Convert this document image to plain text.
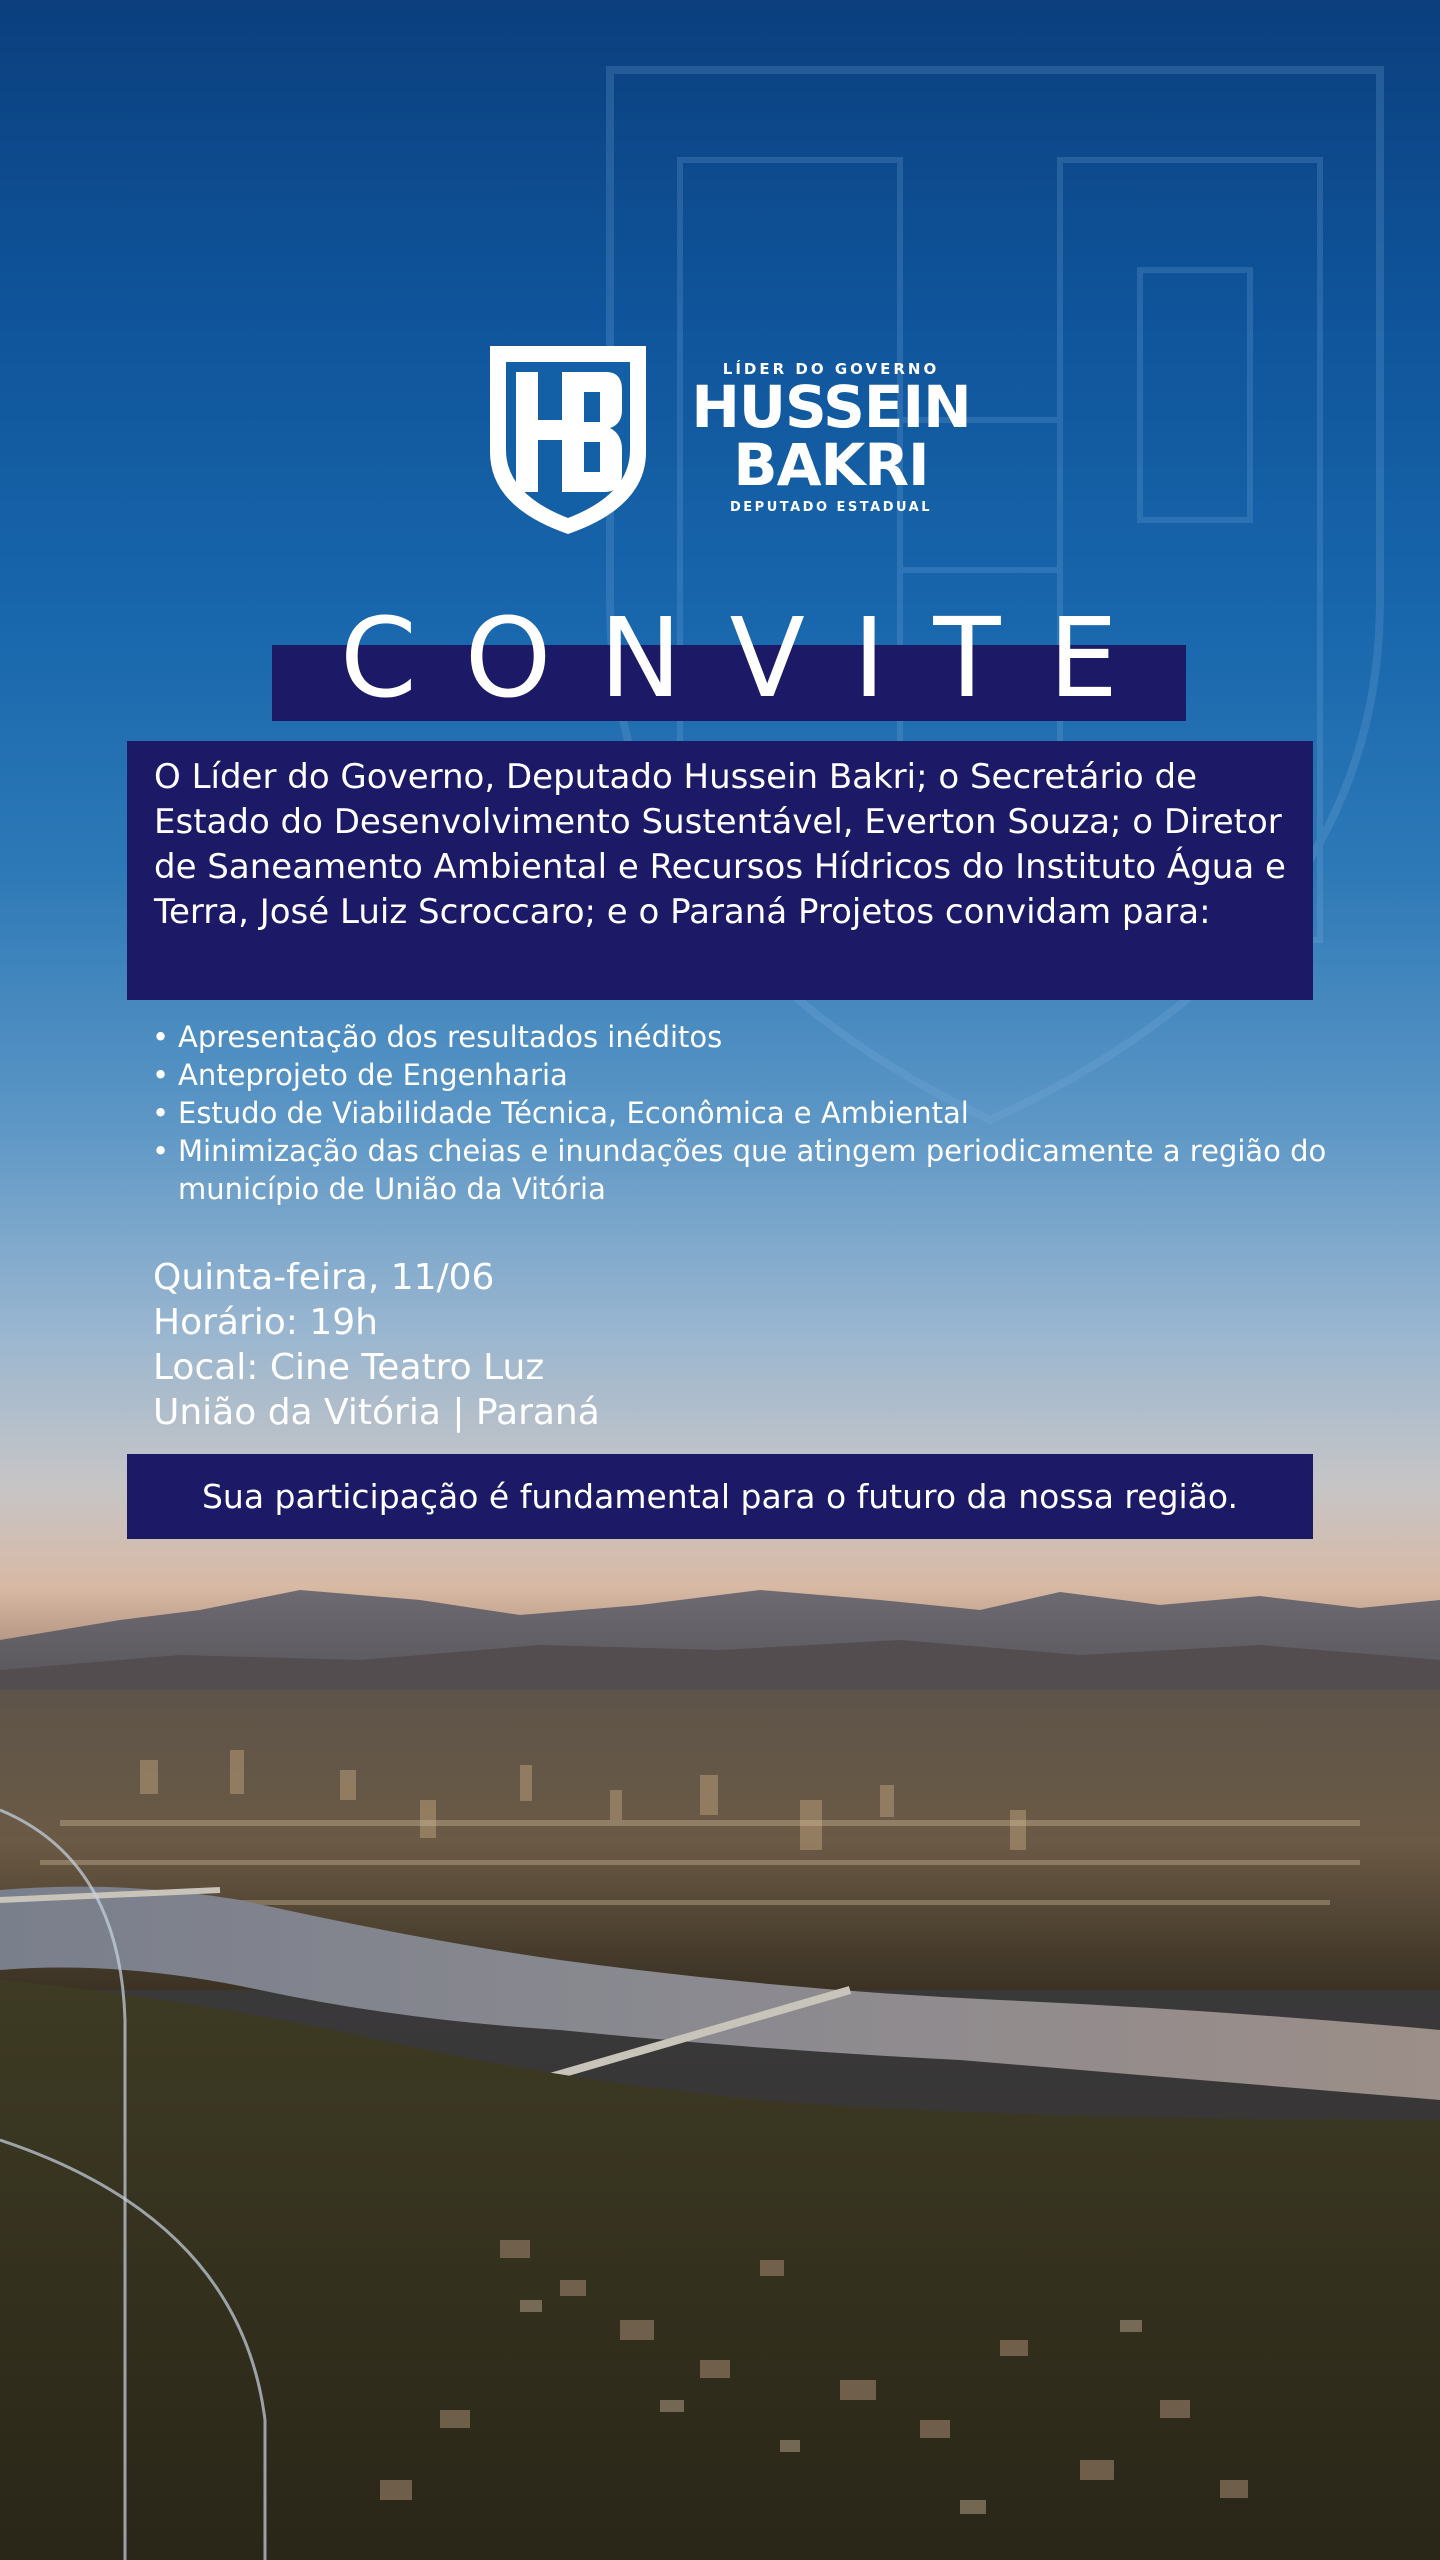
LÍDER DO GOVERNO
HUSSEIN
BAKRI
DEPUTADO ESTADUAL
CONVITE

O Líder do Governo, Deputado Hussein Bakri; o Secretário de Estado do Desenvolvimento Sustentável, Everton Souza; o Diretor de Saneamento Ambiental e Recursos Hídricos do Instituto Água e Terra, José Luiz Scroccaro; e o Paraná Projetos convidam para:

• Apresentação dos resultados inéditos
• Anteprojeto de Engenharia
• Estudo de Viabilidade Técnica, Econômica e Ambiental
• Minimização das cheias e inundações que atingem periodicamente a região do município de União da Vitória
Quinta-feira, 11/06
Horário: 19h
Local: Cine Teatro Luz
União da Vitória | Paraná
Sua participação é fundamental para o futuro da nossa região.
